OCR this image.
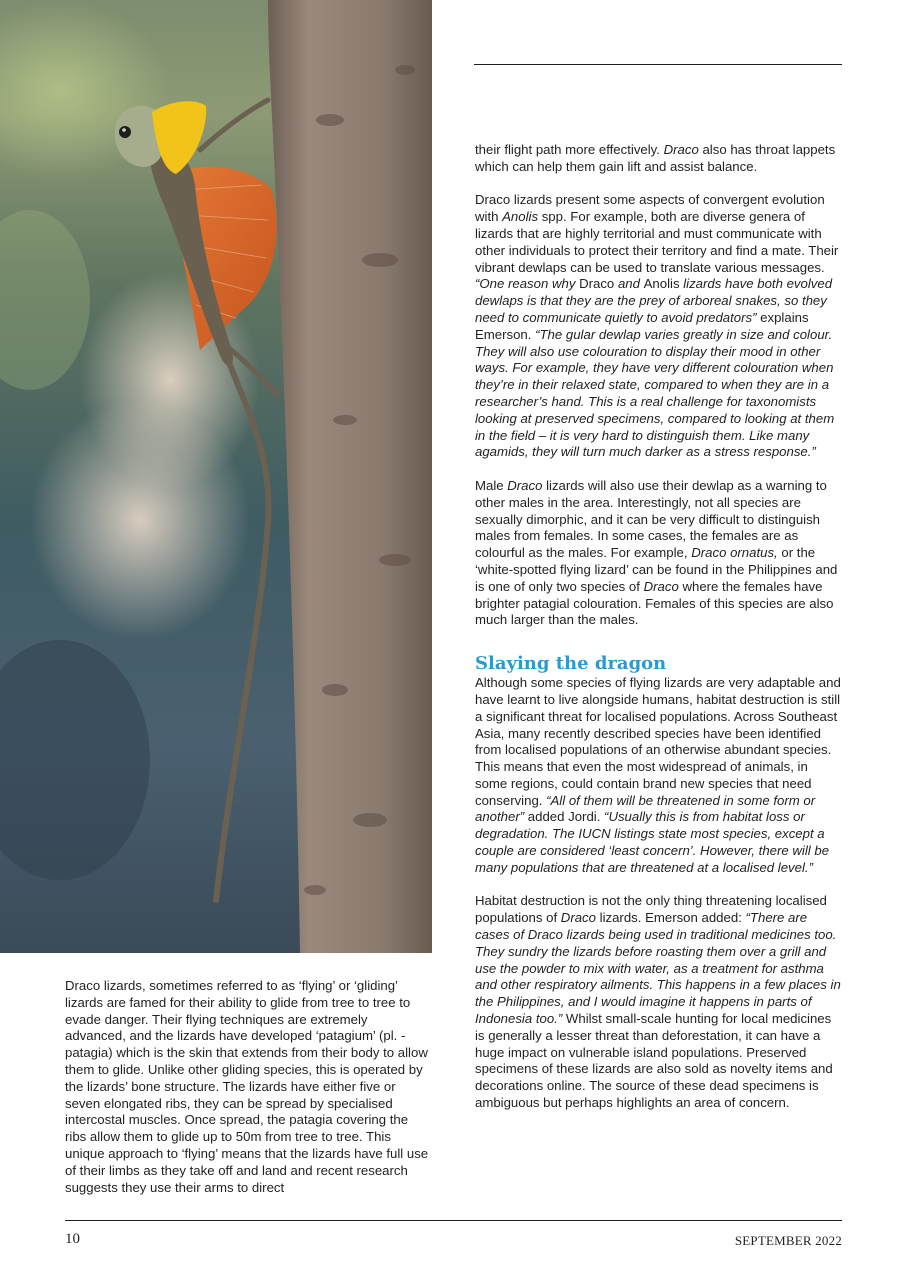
their flight path more effectively. Draco also has throat lappets which can help them gain lift and assist balance.

Draco lizards present some aspects of convergent evolution with Anolis spp. For example, both are diverse genera of lizards that are highly territorial and must communicate with other individuals to protect their territory and find a mate. Their vibrant dewlaps can be used to translate various messages. “One reason why Draco and Anolis lizards have both evolved dewlaps is that they are the prey of arboreal snakes, so they need to communicate quietly to avoid predators” explains Emerson. “The gular dewlap varies greatly in size and colour. They will also use colouration to display their mood in other ways. For example, they have very different colouration when they’re in their relaxed state, compared to when they are in a researcher’s hand. This is a real challenge for taxonomists looking at preserved specimens, compared to looking at them in the field – it is very hard to distinguish them. Like many agamids, they will turn much darker as a stress response.”

Male Draco lizards will also use their dewlap as a warning to other males in the area. Interestingly, not all species are sexually dimorphic, and it can be very difficult to distinguish males from females. In some cases, the females are as colourful as the males. For example, Draco ornatus, or the ‘white-spotted flying lizard’ can be found in the Philippines and is one of only two species of Draco where the females have brighter patagial colouration. Females of this species are also much larger than the males.

Slaying the dragon

Although some species of flying lizards are very adaptable and have learnt to live alongside humans, habitat destruction is still a significant threat for localised populations. Across Southeast Asia, many recently described species have been identified from localised populations of an otherwise abundant species. This means that even the most widespread of animals, in some regions, could contain brand new species that need conserving. “All of them will be threatened in some form or another” added Jordi. “Usually this is from habitat loss or degradation. The IUCN listings state most species, except a couple are considered ‘least concern’. However, there will be many populations that are threatened at a localised level.”

Habitat destruction is not the only thing threatening localised populations of Draco lizards. Emerson added: “There are cases of Draco lizards being used in traditional medicines too. They sundry the lizards before roasting them over a grill and use the powder to mix with water, as a treatment for asthma and other respiratory ailments. This happens in a few places in the Philippines, and I would imagine it happens in parts of Indonesia too.” Whilst small-scale hunting for local medicines is generally a lesser threat than deforestation, it can have a huge impact on vulnerable island populations. Preserved specimens of these lizards are also sold as novelty items and decorations online. The source of these dead specimens is ambiguous but perhaps highlights an area of concern.

Draco lizards, sometimes referred to as ‘flying’ or ‘gliding’ lizards are famed for their ability to glide from tree to tree to evade danger. Their flying techniques are extremely advanced, and the lizards have developed ‘patagium’ (pl. -patagia) which is the skin that extends from their body to allow them to glide. Unlike other gliding species, this is operated by the lizards’ bone structure. The lizards have either five or seven elongated ribs, they can be spread by specialised intercostal muscles. Once spread, the patagia covering the ribs allow them to glide up to 50m from tree to tree. This unique approach to ‘flying’ means that the lizards have full use of their limbs as they take off and land and recent research suggests they use their arms to direct

10	SEPTEMBER 2022
